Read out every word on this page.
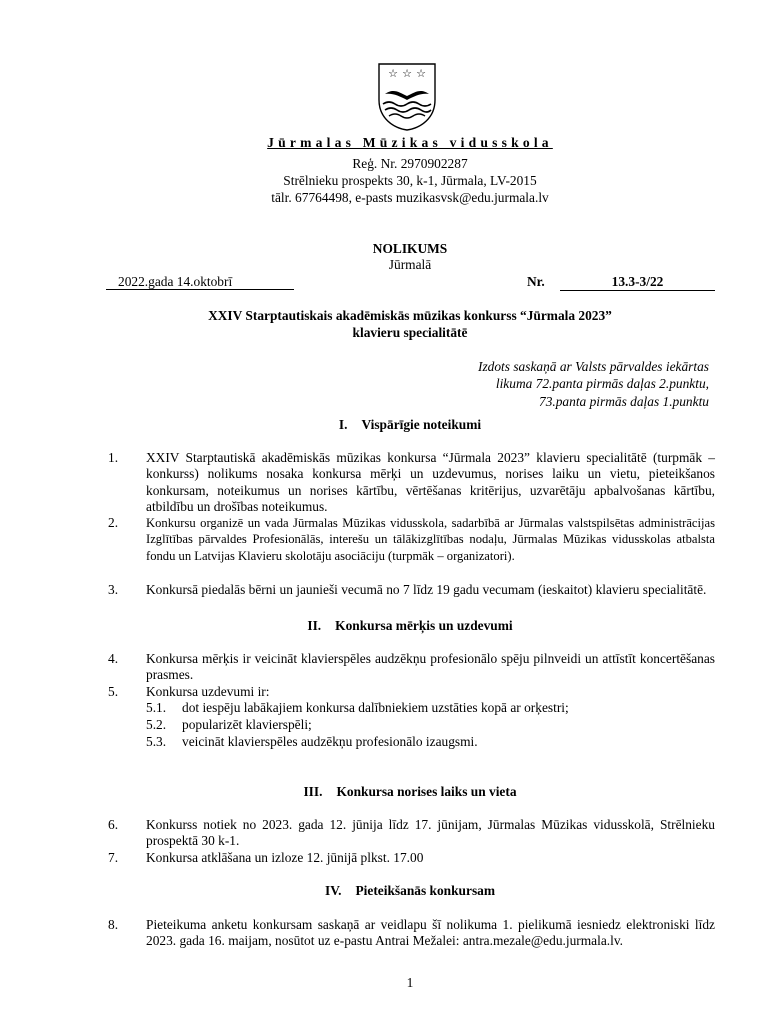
☆ ☆ ☆
Jūrmalas Mūzikas vidusskola
Reģ. Nr. 2970902287
Strēlnieku prospekts 30, k-1, Jūrmala, LV-2015
tālr. 67764498, e-pasts muzikasvsk@edu.jurmala.lv
NOLIKUMS
Jūrmalā
2022.gada 14.oktobrī	Nr.	13.3-3/22
XXIV Starptautiskais akadēmiskās mūzikas konkurss “Jūrmala 2023”
klavieru specialitātē
Izdots saskaņā ar Valsts pārvaldes iekārtas
likuma 72.panta pirmās daļas 2.punktu,
73.panta pirmās daļas 1.punktu
I. Vispārīgie noteikumi
1. XXIV Starptautiskā akadēmiskās mūzikas konkursa “Jūrmala 2023” klavieru specialitātē (turpmāk – konkurss) nolikums nosaka konkursa mērķi un uzdevumus, norises laiku un vietu, pieteikšanos konkursam, noteikumus un norises kārtību, vērtēšanas kritērijus, uzvarētāju apbalvošanas kārtību, atbildību un drošības noteikumus.
2. Konkursu organizē un vada Jūrmalas Mūzikas vidusskola, sadarbībā ar Jūrmalas valstspilsētas administrācijas Izglītības pārvaldes Profesionālās, interešu un tālākizglītības nodaļu, Jūrmalas Mūzikas vidusskolas atbalsta fondu un Latvijas Klavieru skolotāju asociāciju (turpmāk – organizatori).
3. Konkursā piedalās bērni un jaunieši vecumā no 7 līdz 19 gadu vecumam (ieskaitot) klavieru specialitātē.
II. Konkursa mērķis un uzdevumi
4. Konkursa mērķis ir veicināt klavierspēles audzēkņu profesionālo spēju pilnveidi un attīstīt koncertēšanas prasmes.
5. Konkursa uzdevumi ir:
5.1. dot iespēju labākajiem konkursa dalībniekiem uzstāties kopā ar orķestri;
5.2. popularizēt klavierspēli;
5.3. veicināt klavierspēles audzēkņu profesionālo izaugsmi.
III. Konkursa norises laiks un vieta
6. Konkurss notiek no 2023. gada 12. jūnija līdz 17. jūnijam, Jūrmalas Mūzikas vidusskolā, Strēlnieku prospektā 30 k-1.
7. Konkursa atklāšana un izloze 12. jūnijā plkst. 17.00
IV. Pieteikšanās konkursam
8. Pieteikuma anketu konkursam saskaņā ar veidlapu šī nolikuma 1. pielikumā iesniedz elektroniski līdz 2023. gada 16. maijam, nosūtot uz e-pastu Antrai Mežalei: antra.mezale@edu.jurmala.lv.
1
